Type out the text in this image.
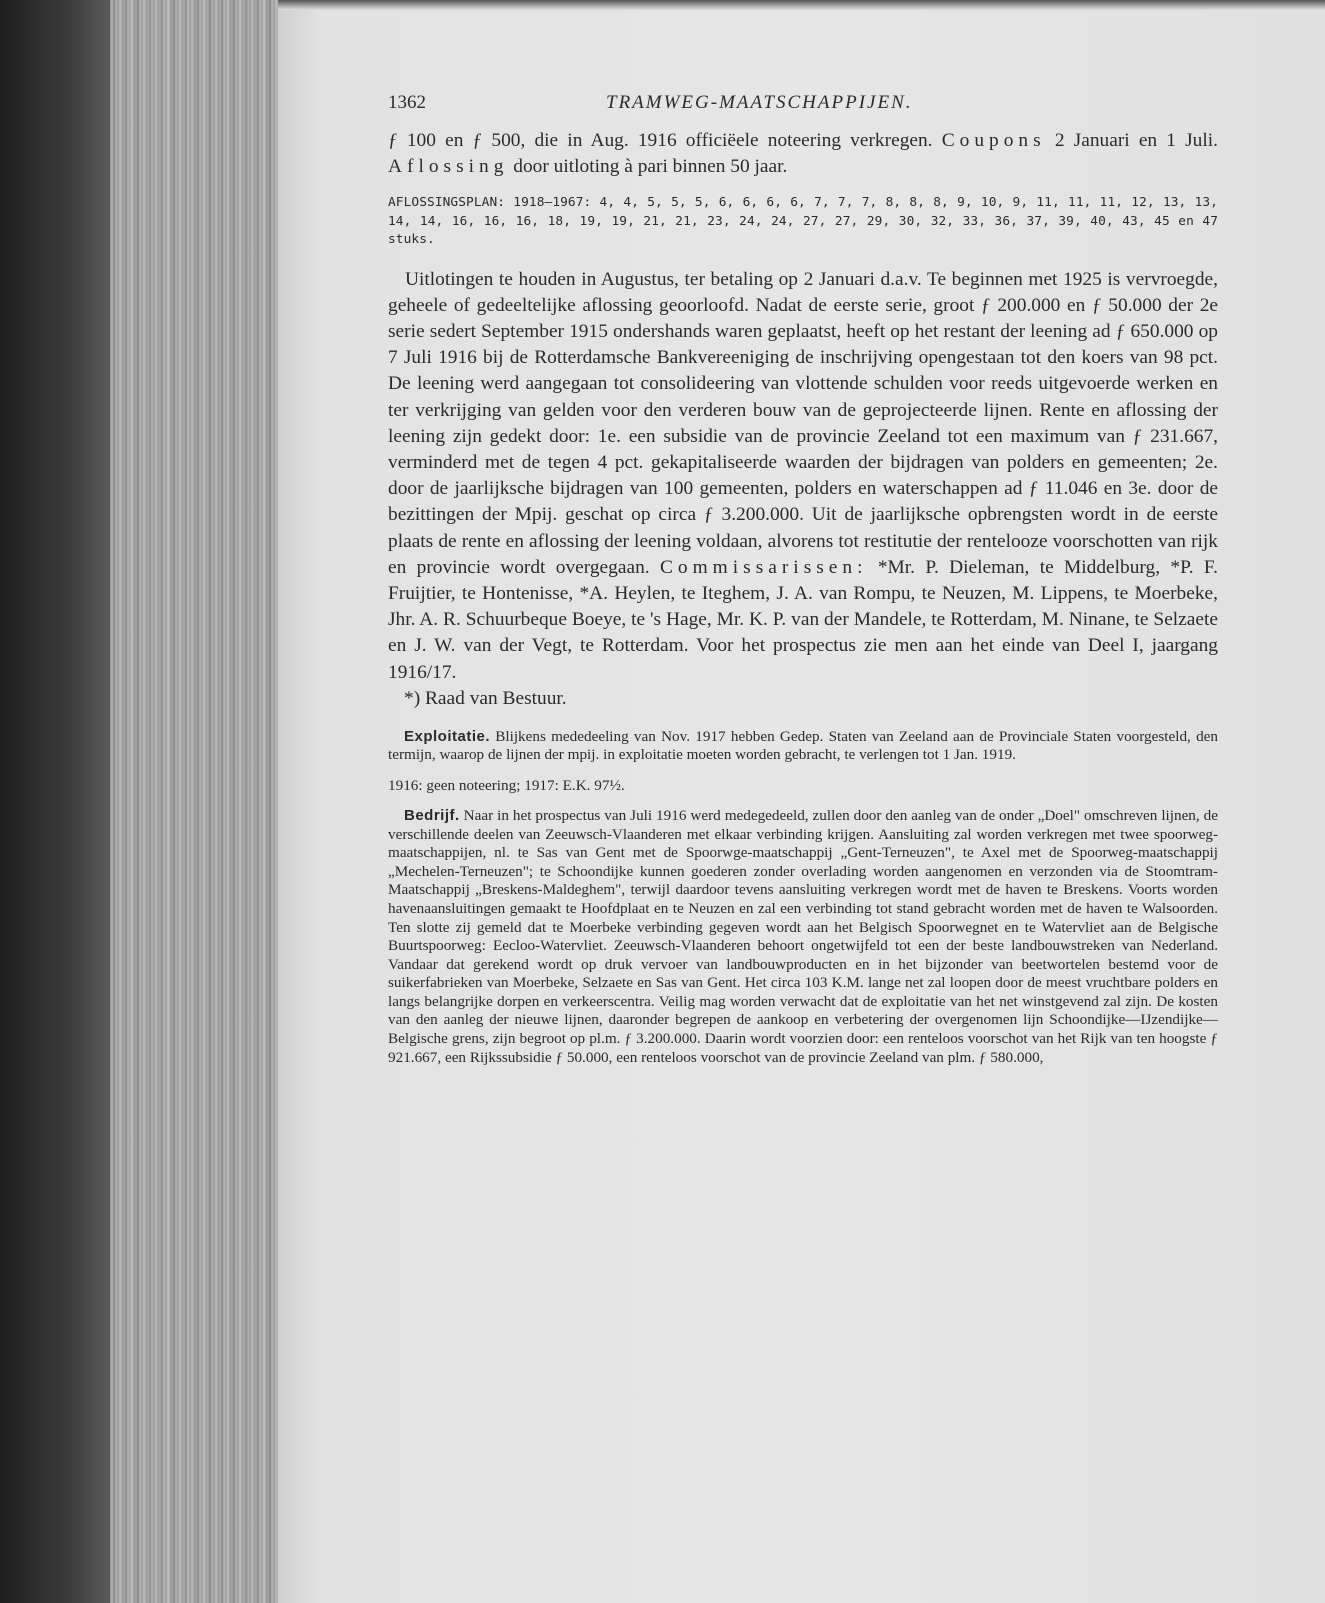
1362	TRAMWEG-MAATSCHAPPIJEN.

ƒ 100 en ƒ 500, die in Aug. 1916 officiëele noteering verkregen. Coupons 2 Januari en 1 Juli. Aflossing door uitloting à pari binnen 50 jaar.

AFLOSSINGSPLAN: 1918—1967: 4, 4, 5, 5, 5, 6, 6, 6, 6, 7, 7, 7, 8, 8, 8, 9, 10, 9, 11, 11, 11, 12, 13, 13, 14, 14, 16, 16, 16, 18, 19, 19, 21, 21, 23, 24, 24, 27, 27, 29, 30, 32, 33, 36, 37, 39, 40, 43, 45 en 47 stuks.

Uitlotingen te houden in Augustus, ter betaling op 2 Januari d.a.v. Te beginnen met 1925 is vervroegde, geheele of gedeeltelijke aflossing geoorloofd. Nadat de eerste serie, groot ƒ 200.000 en ƒ 50.000 der 2e serie sedert September 1915 ondershands waren geplaatst, heeft op het restant der leening ad ƒ 650.000 op 7 Juli 1916 bij de Rotterdamsche Bankvereeniging de inschrijving opengestaan tot den koers van 98 pct. De leening werd aangegaan tot consolideering van vlottende schulden voor reeds uitgevoerde werken en ter verkrijging van gelden voor den verderen bouw van de geprojecteerde lijnen. Rente en aflossing der leening zijn gedekt door: 1e. een subsidie van de provincie Zeeland tot een maximum van ƒ 231.667, verminderd met de tegen 4 pct. gekapitaliseerde waarden der bijdragen van polders en gemeenten; 2e. door de jaarlijksche bijdragen van 100 gemeenten, polders en waterschappen ad ƒ 11.046 en 3e. door de bezittingen der Mpij. geschat op circa ƒ 3.200.000. Uit de jaarlijksche opbrengsten wordt in de eerste plaats de rente en aflossing der leening voldaan, alvorens tot restitutie der rentelooze voorschotten van rijk en provincie wordt overgegaan. Commissarissen: *Mr. P. Dieleman, te Middelburg, *P. F. Fruijtier, te Hontenisse, *A. Heylen, te Iteghem, J. A. van Rompu, te Neuzen, M. Lippens, te Moerbeke, Jhr. A. R. Schuurbeque Boeye, te 's Hage, Mr. K. P. van der Mandele, te Rotterdam, M. Ninane, te Selzaete en J. W. van der Vegt, te Rotterdam. Voor het prospectus zie men aan het einde van Deel I, jaargang 1916/17.

*) Raad van Bestuur.

Exploitatie. Blijkens mededeeling van Nov. 1917 hebben Gedep. Staten van Zeeland aan de Provinciale Staten voorgesteld, den termijn, waarop de lijnen der mpij. in exploitatie moeten worden gebracht, te verlengen tot 1 Jan. 1919.

1916: geen noteering; 1917: E.K. 97½.

Bedrijf. Naar in het prospectus van Juli 1916 werd medegedeeld, zullen door den aanleg van de onder „Doel" omschreven lijnen, de verschillende deelen van Zeeuwsch-Vlaanderen met elkaar verbinding krijgen. Aansluiting zal worden verkregen met twee spoorweg-maatschappijen, nl. te Sas van Gent met de Spoorwge-maatschappij „Gent-Terneuzen", te Axel met de Spoorweg-maatschappij „Mechelen-Terneuzen"; te Schoondijke kunnen goederen zonder overlading worden aangenomen en verzonden via de Stoomtram-Maatschappij „Breskens-Maldeghem", terwijl daardoor tevens aansluiting verkregen wordt met de haven te Breskens. Voorts worden havenaansluitingen gemaakt te Hoofdplaat en te Neuzen en zal een verbinding tot stand gebracht worden met de haven te Walsoorden. Ten slotte zij gemeld dat te Moerbeke verbinding gegeven wordt aan het Belgisch Spoorwegnet en te Watervliet aan de Belgische Buurtspoorweg: Eecloo-Watervliet. Zeeuwsch-Vlaanderen behoort ongetwijfeld tot een der beste landbouwstreken van Nederland. Vandaar dat gerekend wordt op druk vervoer van landbouwproducten en in het bijzonder van beetwortelen bestemd voor de suikerfabrieken van Moerbeke, Selzaete en Sas van Gent. Het circa 103 K.M. lange net zal loopen door de meest vruchtbare polders en langs belangrijke dorpen en verkeerscentra. Veilig mag worden verwacht dat de exploitatie van het net winstgevend zal zijn. De kosten van den aanleg der nieuwe lijnen, daaronder begrepen de aankoop en verbetering der overgenomen lijn Schoondijke—IJzendijke—Belgische grens, zijn begroot op pl.m. ƒ 3.200.000. Daarin wordt voorzien door: een renteloos voorschot van het Rijk van ten hoogste ƒ 921.667, een Rijkssubsidie ƒ 50.000, een renteloos voorschot van de provincie Zeeland van plm. ƒ 580.000,
